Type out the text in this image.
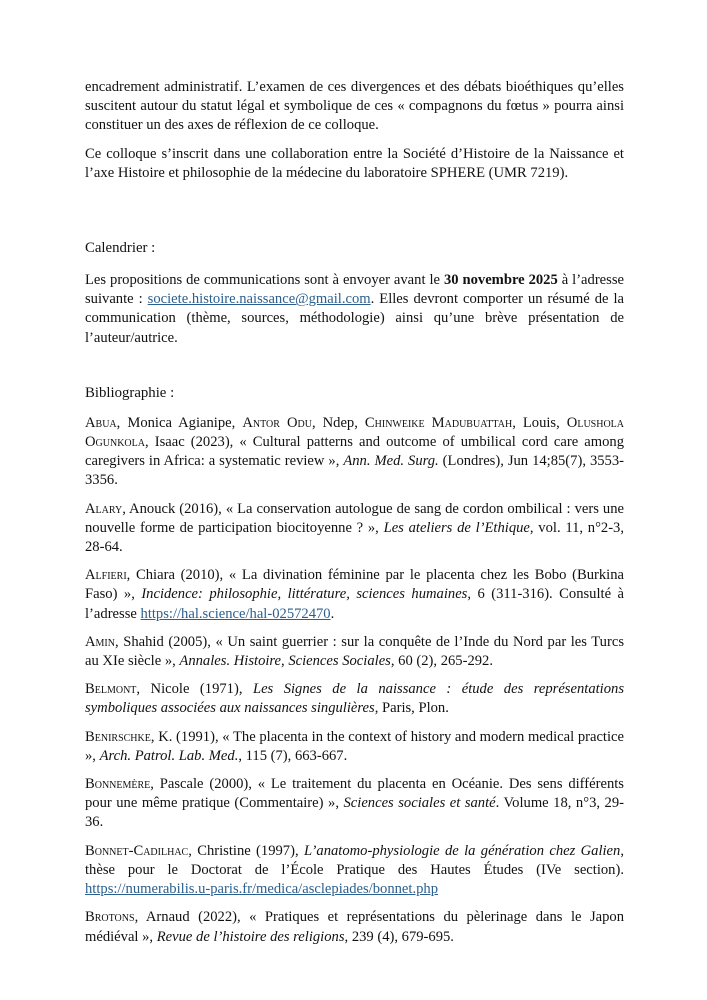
encadrement administratif. L’examen de ces divergences et des débats bioéthiques qu’elles suscitent autour du statut légal et symbolique de ces « compagnons du fœtus » pourra ainsi constituer un des axes de réflexion de ce colloque.

Ce colloque s’inscrit dans une collaboration entre la Société d’Histoire de la Naissance et l’axe Histoire et philosophie de la médecine du laboratoire SPHERE (UMR 7219).

Calendrier :

Les propositions de communications sont à envoyer avant le 30 novembre 2025 à l’adresse suivante : societe.histoire.naissance@gmail.com. Elles devront comporter un résumé de la communication (thème, sources, méthodologie) ainsi qu’une brève présentation de l’auteur/autrice.

Bibliographie :

Abua, Monica Agianipe, Antor Odu, Ndep, Chinweike Madubuattah, Louis, Olushola Ogunkola, Isaac (2023), « Cultural patterns and outcome of umbilical cord care among caregivers in Africa: a systematic review », Ann. Med. Surg. (Londres), Jun 14;85(7), 3553-3356.

Alary, Anouck (2016), « La conservation autologue de sang de cordon ombilical : vers une nouvelle forme de participation biocitoyenne ? », Les ateliers de l’Ethique, vol. 11, n°2-3, 28-64.

Alfieri, Chiara (2010), « La divination féminine par le placenta chez les Bobo (Burkina Faso) », Incidence: philosophie, littérature, sciences humaines, 6 (311-316). Consulté à l’adresse https://hal.science/hal-02572470.

Amin, Shahid (2005), « Un saint guerrier : sur la conquête de l’Inde du Nord par les Turcs au XIe siècle », Annales. Histoire, Sciences Sociales, 60 (2), 265-292.

Belmont, Nicole (1971), Les Signes de la naissance : étude des représentations symboliques associées aux naissances singulières, Paris, Plon.

Benirschke, K. (1991), « The placenta in the context of history and modern medical practice », Arch. Patrol. Lab. Med., 115 (7), 663-667.

Bonnemère, Pascale (2000), « Le traitement du placenta en Océanie. Des sens différents pour une même pratique (Commentaire) », Sciences sociales et santé. Volume 18, n°3, 29-36.

Bonnet-Cadilhac, Christine (1997), L’anatomo-physiologie de la génération chez Galien, thèse pour le Doctorat de l’École Pratique des Hautes Études (IVe section). https://numerabilis.u-paris.fr/medica/asclepiades/bonnet.php

Brotons, Arnaud (2022), « Pratiques et représentations du pèlerinage dans le Japon médiéval », Revue de l’histoire des religions, 239 (4), 679-695.
